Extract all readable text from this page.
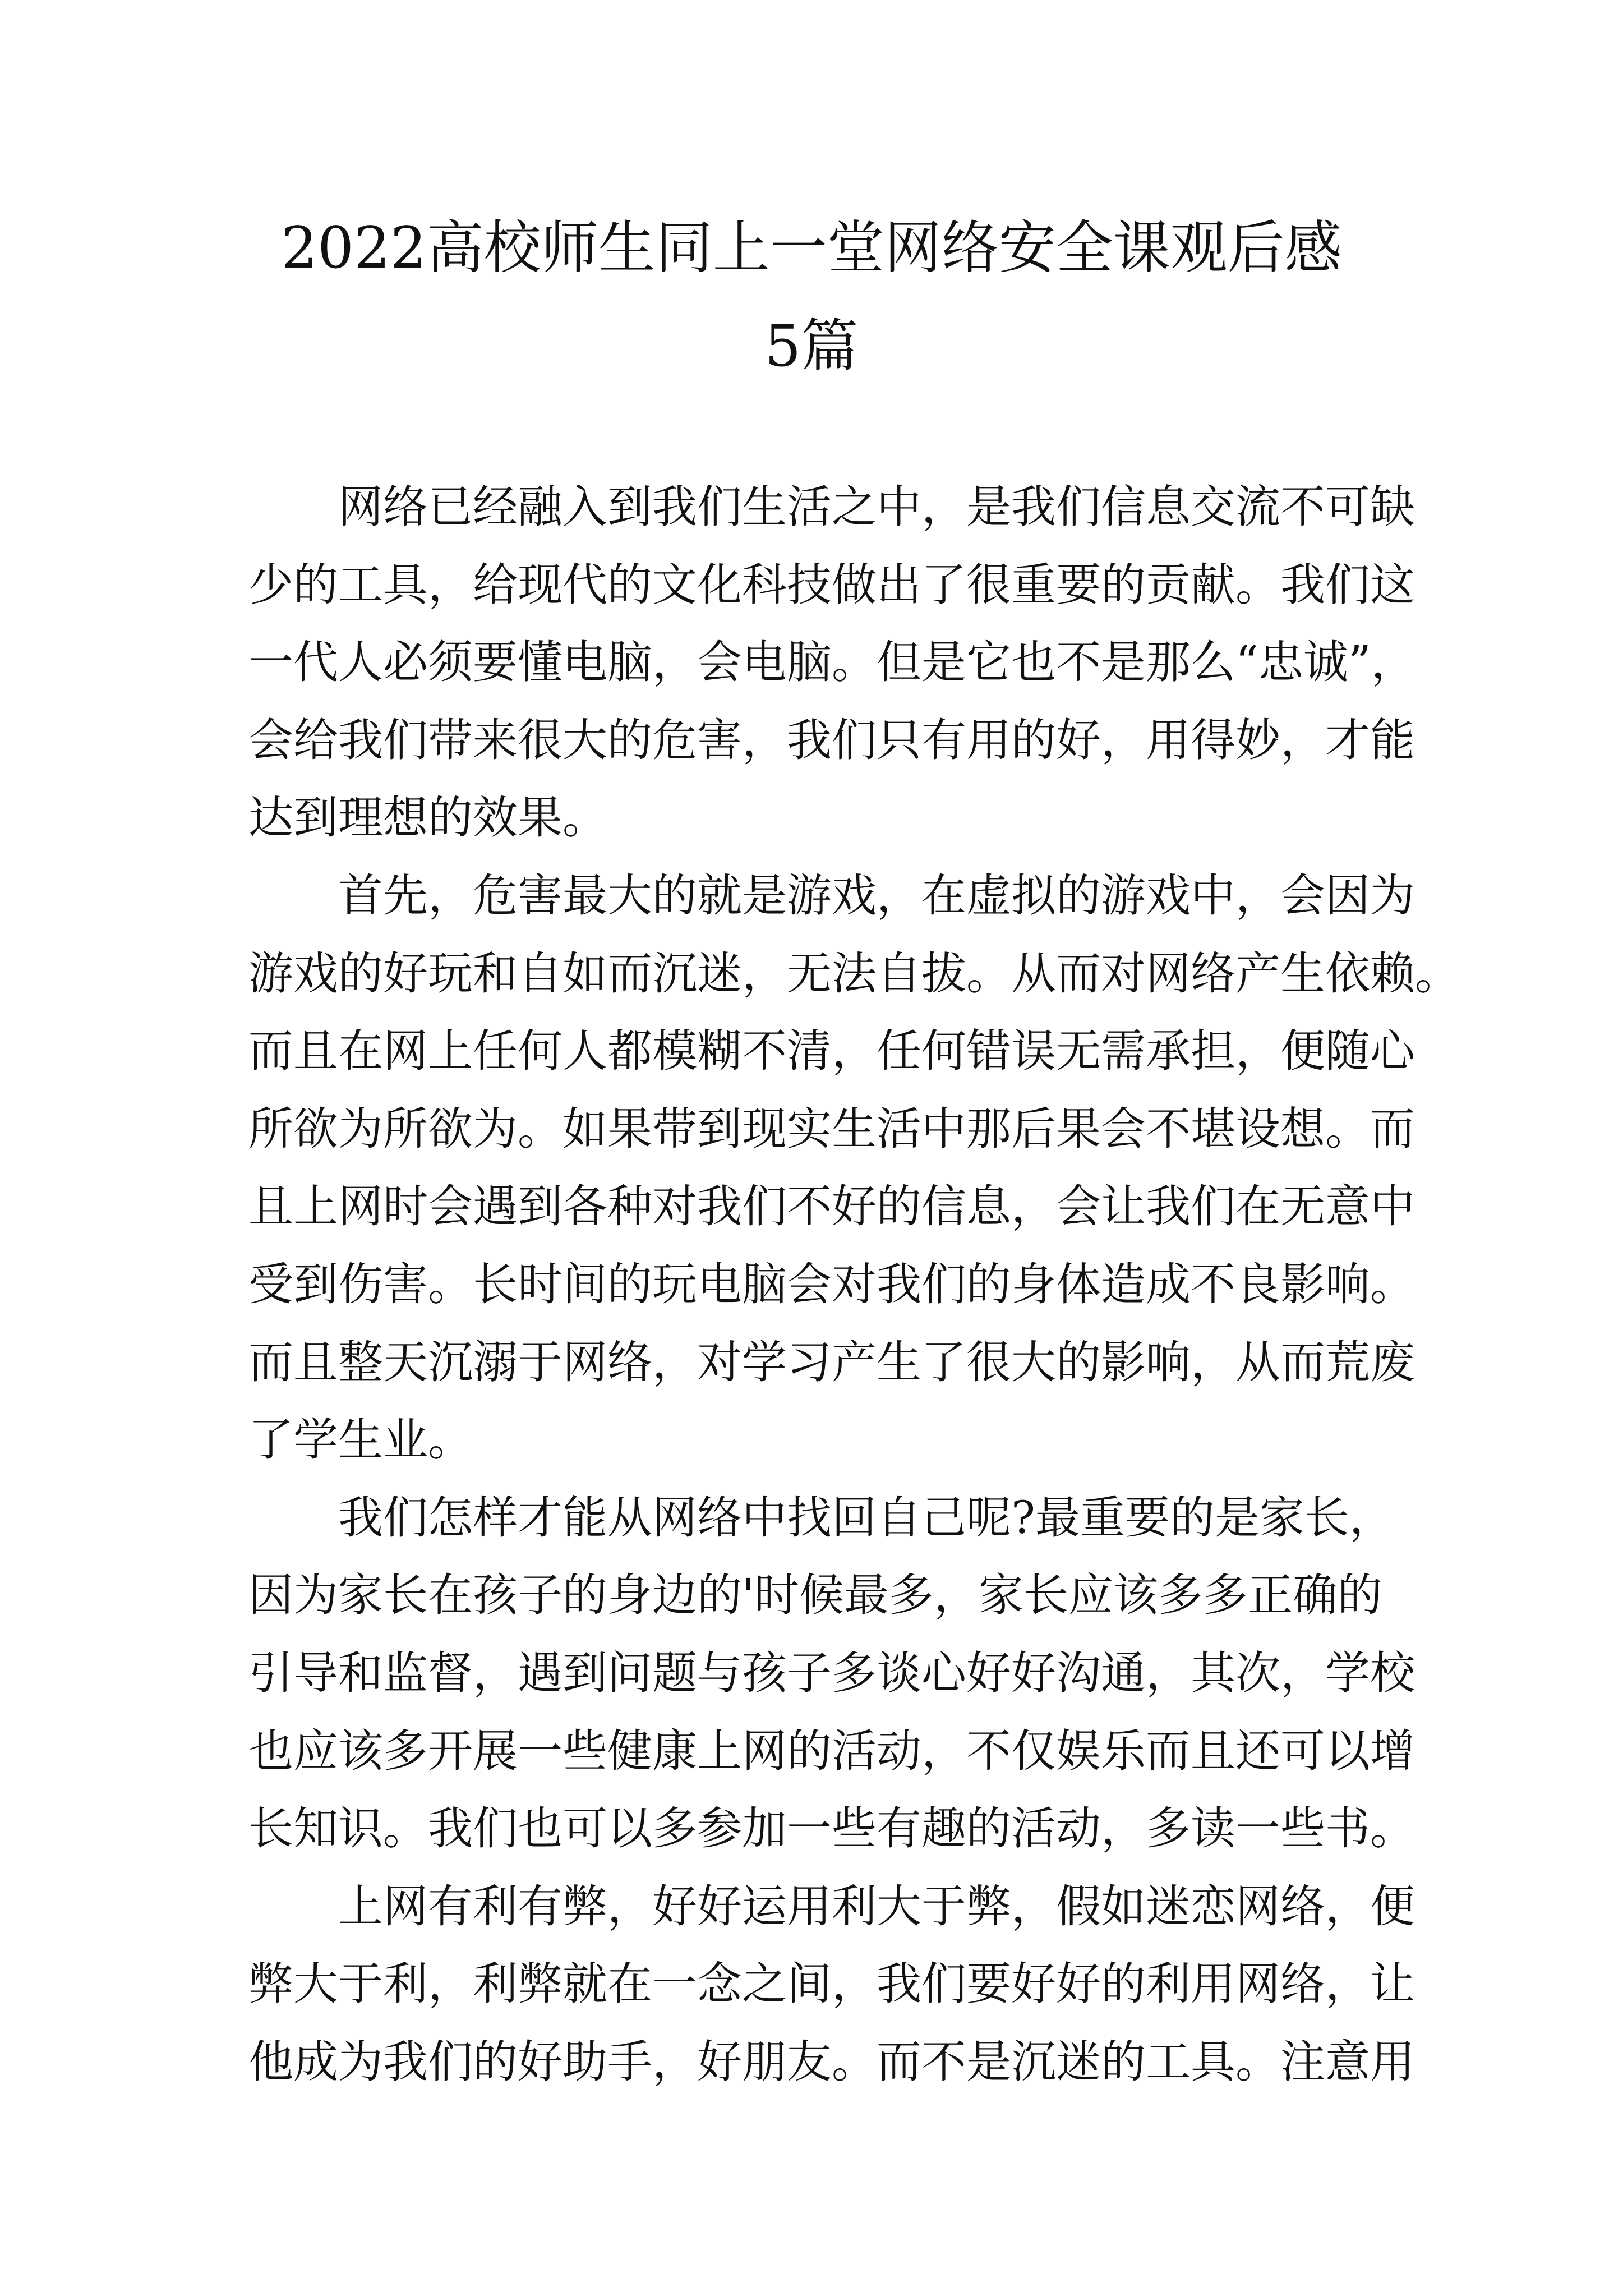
2022高校师生同上一堂网络安全课观后感
5篇
网络已经融入到我们生活之中，是我们信息交流不可缺
少的工具，给现代的文化科技做出了很重要的贡献。我们这
一代人必须要懂电脑，会电脑。但是它也不是那么“忠诚”，
会给我们带来很大的危害，我们只有用的好，用得妙，才能
达到理想的效果。
首先，危害最大的就是游戏，在虚拟的游戏中，会因为
游戏的好玩和自如而沉迷，无法自拔。从而对网络产生依赖。
而且在网上任何人都模糊不清，任何错误无需承担，便随心
所欲为所欲为。如果带到现实生活中那后果会不堪设想。而
且上网时会遇到各种对我们不好的信息，会让我们在无意中
受到伤害。长时间的玩电脑会对我们的身体造成不良影响。
而且整天沉溺于网络，对学习产生了很大的影响，从而荒废
了学生业。
我们怎样才能从网络中找回自己呢?最重要的是家长，
因为家长在孩子的身边的'时候最多，家长应该多多正确的
引导和监督，遇到问题与孩子多谈心好好沟通，其次，学校
也应该多开展一些健康上网的活动，不仅娱乐而且还可以增
长知识。我们也可以多参加一些有趣的活动，多读一些书。
上网有利有弊，好好运用利大于弊，假如迷恋网络，便
弊大于利，利弊就在一念之间，我们要好好的利用网络，让
他成为我们的好助手，好朋友。而不是沉迷的工具。注意用
